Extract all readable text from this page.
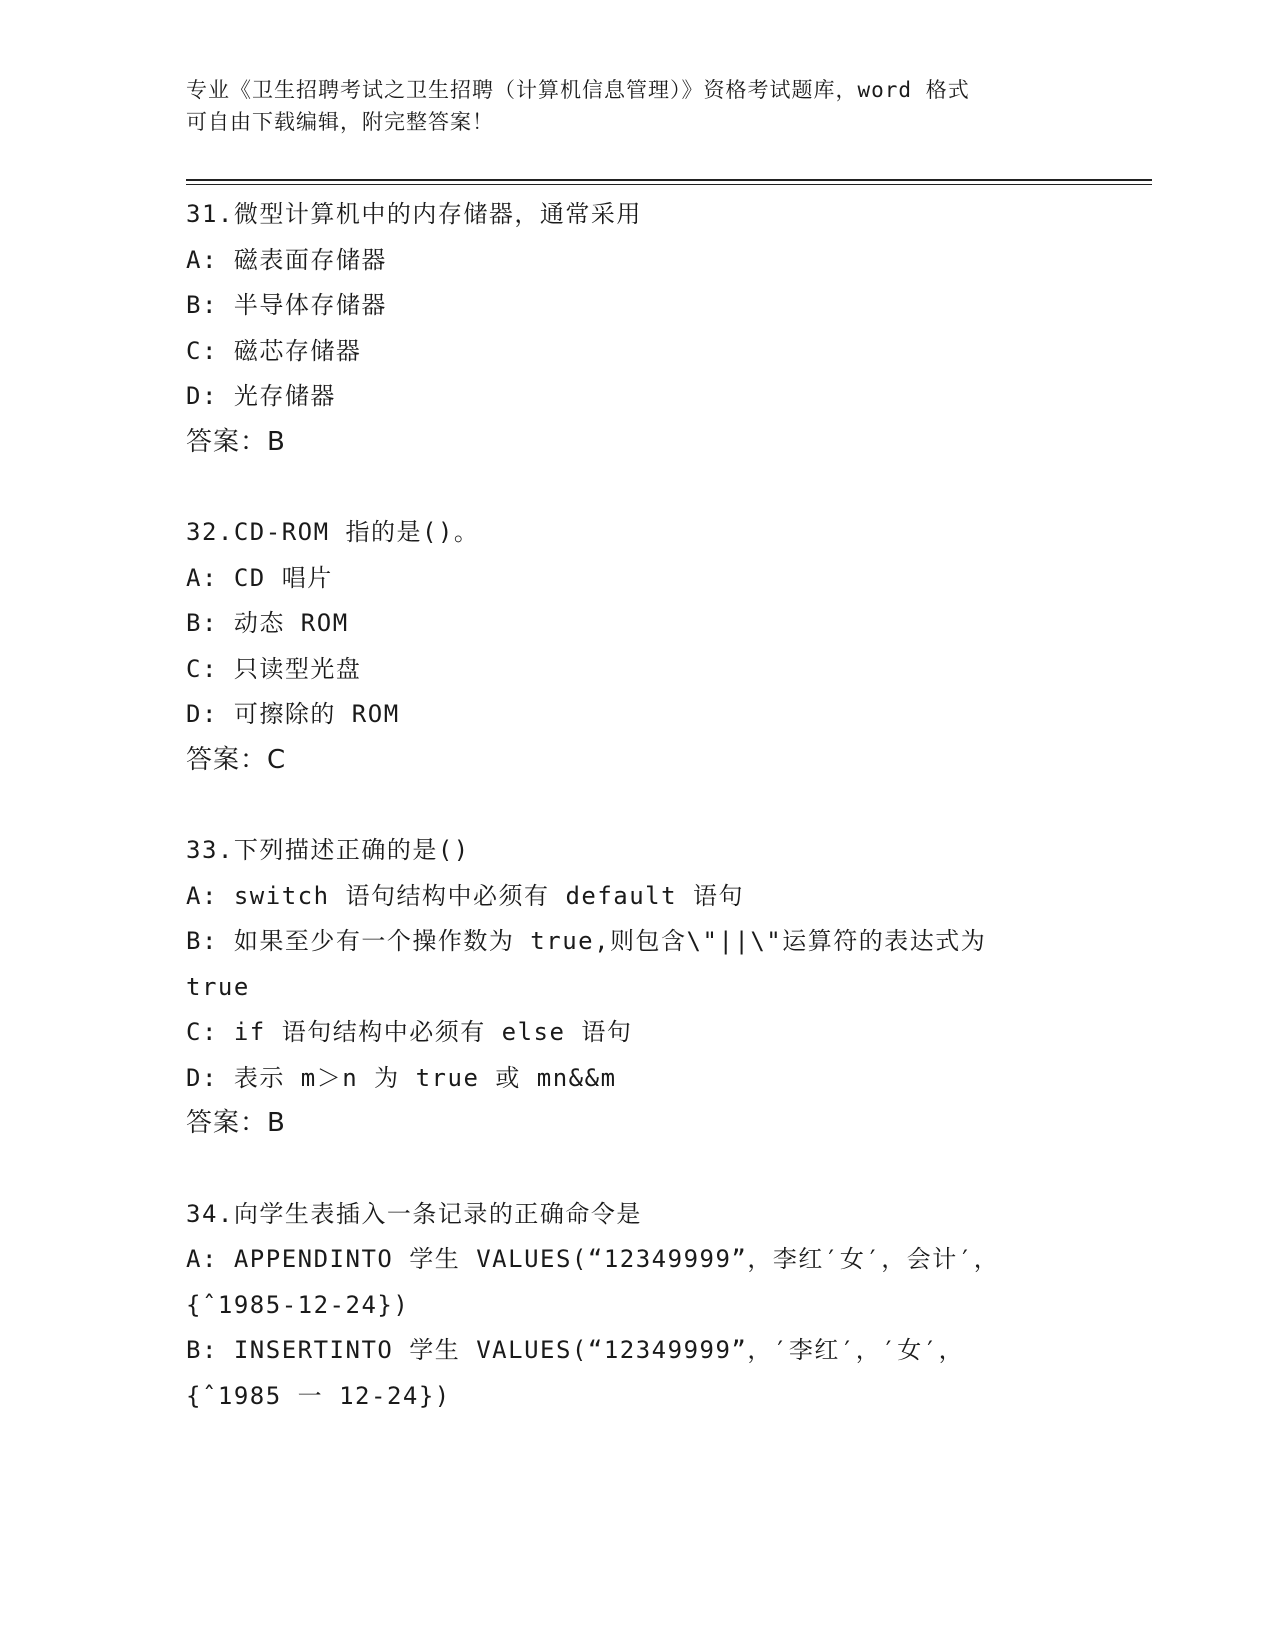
专业《卫生招聘考试之卫生招聘（计算机信息管理）》资格考试题库，word 格式
可自由下载编辑，附完整答案！
31.微型计算机中的内存储器，通常采用
A: 磁表面存储器
B: 半导体存储器
C: 磁芯存储器
D: 光存储器
答案：B
32.CD-ROM 指的是()。
A: CD 唱片
B: 动态 ROM
C: 只读型光盘
D: 可擦除的 ROM
答案：C
33.下列描述正确的是()
A: switch 语句结构中必须有 default 语句
B: 如果至少有一个操作数为 true,则包含\"||\"运算符的表达式为
true
C: if 语句结构中必须有 else 语句
D: 表示 m＞n 为 true 或 mn&&m
答案：B
34.向学生表插入一条记录的正确命令是
A: APPENDINTO 学生 VALUES(“12349999”，李红′女′，会计′，
{ˆ1985-12-24})
B: INSERTINTO 学生 VALUES(“12349999”，′李红′，′女′，
{ˆ1985 一 12-24})
